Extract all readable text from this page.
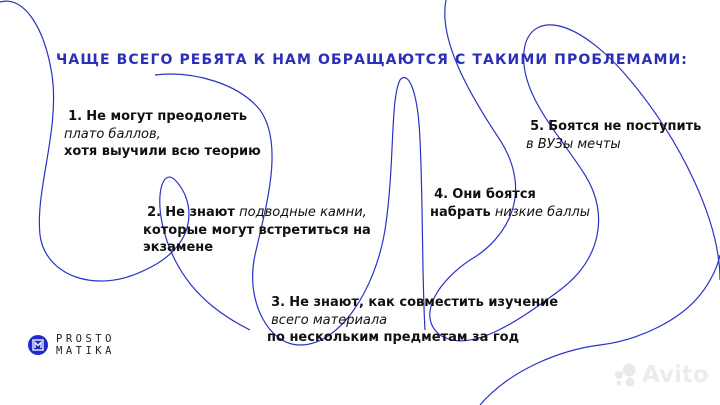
ЧАЩЕ ВСЕГО РЕБЯТА К НАМ ОБРАЩАЮТСЯ С ТАКИМИ ПРОБЛЕМАМИ:
1. Не могут преодолеть
плато баллов,
хотя выучили всю теорию
2. Не знают подводные камни,
которые могут встретиться на
экзамене
3. Не знают, как совместить изучение
всего материала
по нескольким предметам за год
4. Они боятся
набрать низкие баллы
5. Боятся не поступить
в ВУЗы мечты
PROSTO
MATIKA
Avito
